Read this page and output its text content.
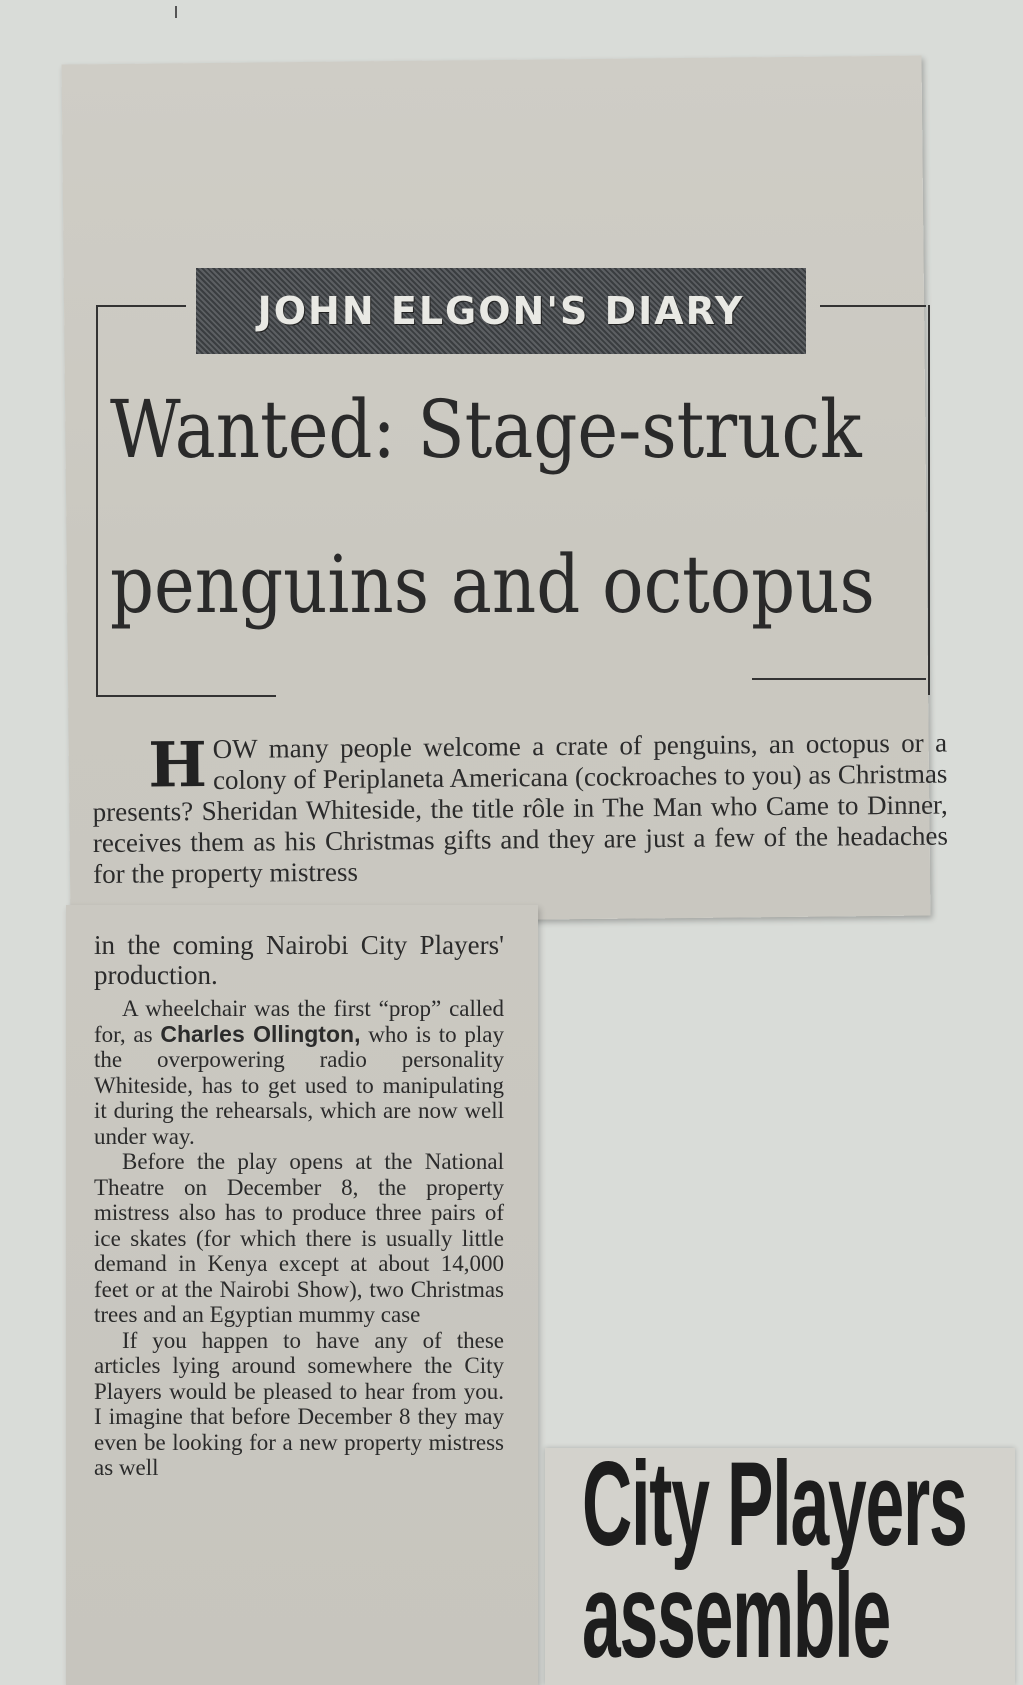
JOHN ELGON'S DIARY
Wanted: Stage-struck
penguins and octopus
H OW many people welcome a crate of penguins, an octopus or a colony of Periplaneta Americana (cockroaches to you) as Christmas presents? Sheridan Whiteside, the title rôle in The Man who Came to Dinner, receives them as his Christmas gifts and they are just a few of the headaches for the property mistress

in the coming Nairobi City Players' production.

A wheelchair was the first “prop” called for, as Charles Ollington, who is to play the overpowering radio personality Whiteside, has to get used to manipulating it during the rehearsals, which are now well under way.

Before the play opens at the National Theatre on December 8, the property mistress also has to produce three pairs of ice skates (for which there is usually little demand in Kenya except at about 14,000 feet or at the Nairobi Show), two Christmas trees and an Egyptian mummy case

If you happen to have any of these articles lying around somewhere the City Players would be pleased to hear from you. I imagine that before December 8 they may even be looking for a new property mistress as well	City Players
assemble
